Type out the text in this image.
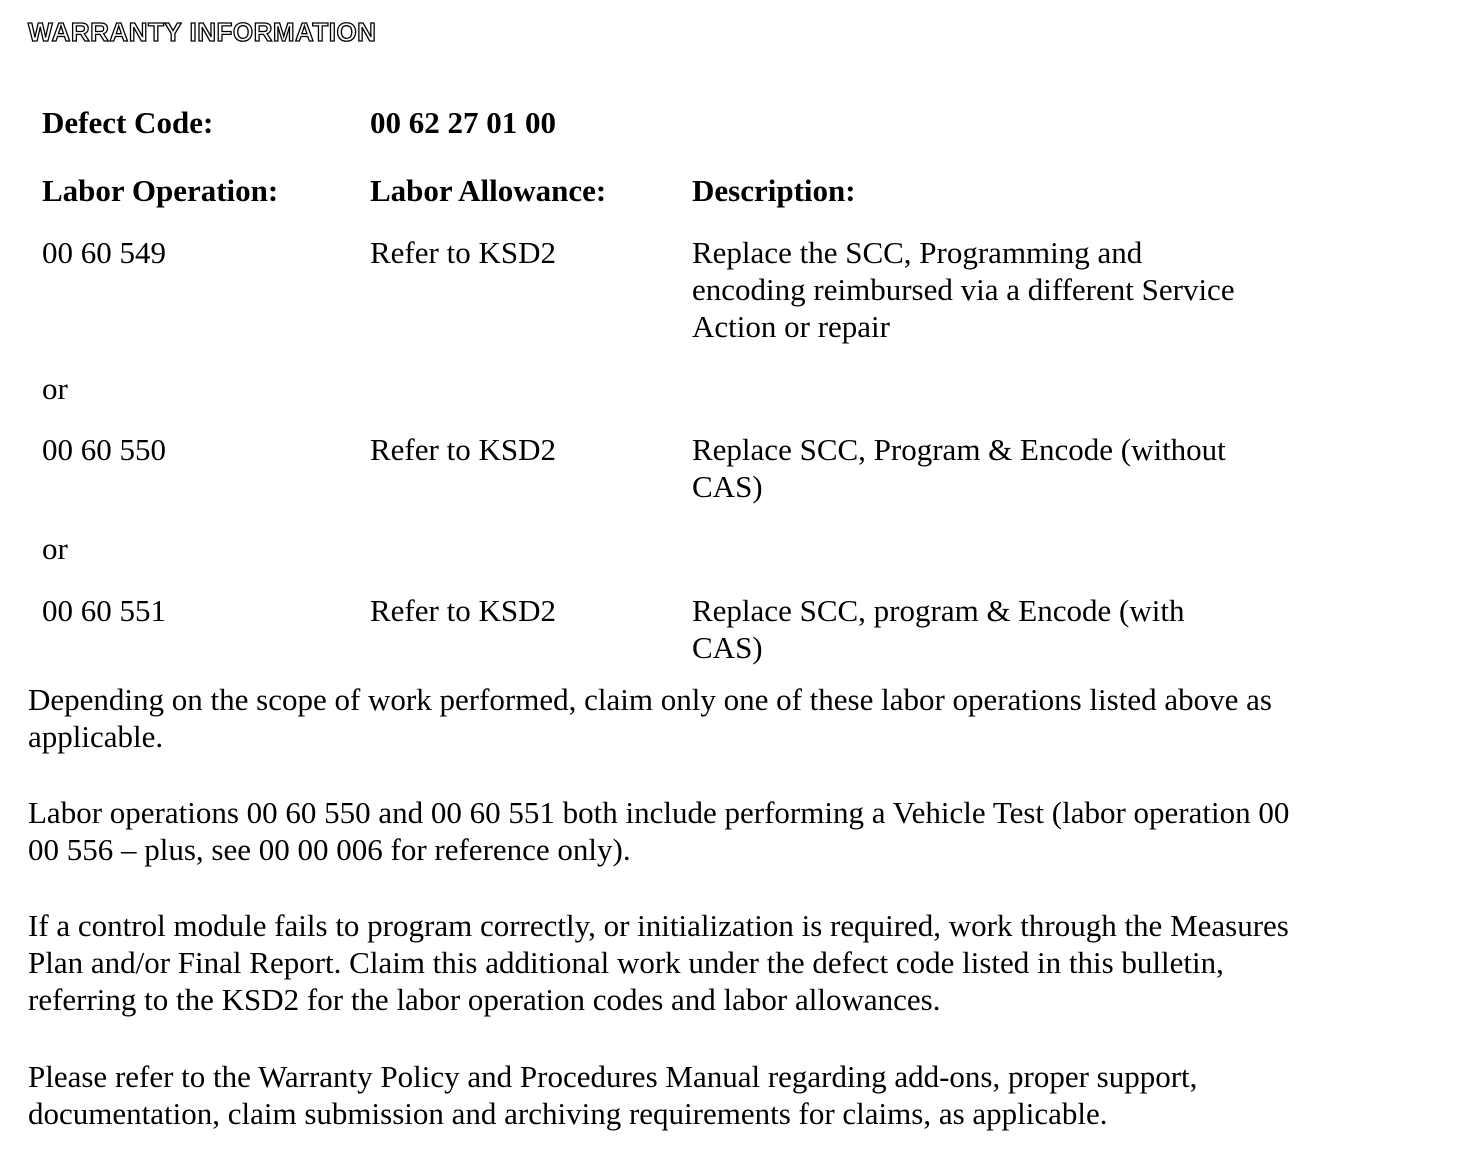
WARRANTY INFORMATION
Defect Code:	00 62 27 01 00
Labor Operation:	Labor Allowance:	Description:
00 60 549	Refer to KSD2	Replace the SCC, Programming and
encoding reimbursed via a different Service
Action or repair
or
00 60 550	Refer to KSD2	Replace SCC, Program & Encode (without
CAS)
or
00 60 551	Refer to KSD2	Replace SCC, program & Encode (with
CAS)
Depending on the scope of work performed, claim only one of these labor operations listed above as
applicable.
Labor operations 00 60 550 and 00 60 551 both include performing a Vehicle Test (labor operation 00
00 556 – plus, see 00 00 006 for reference only).
If a control module fails to program correctly, or initialization is required, work through the Measures
Plan and/or Final Report. Claim this additional work under the defect code listed in this bulletin,
referring to the KSD2 for the labor operation codes and labor allowances.
Please refer to the Warranty Policy and Procedures Manual regarding add-ons, proper support,
documentation, claim submission and archiving requirements for claims, as applicable.
